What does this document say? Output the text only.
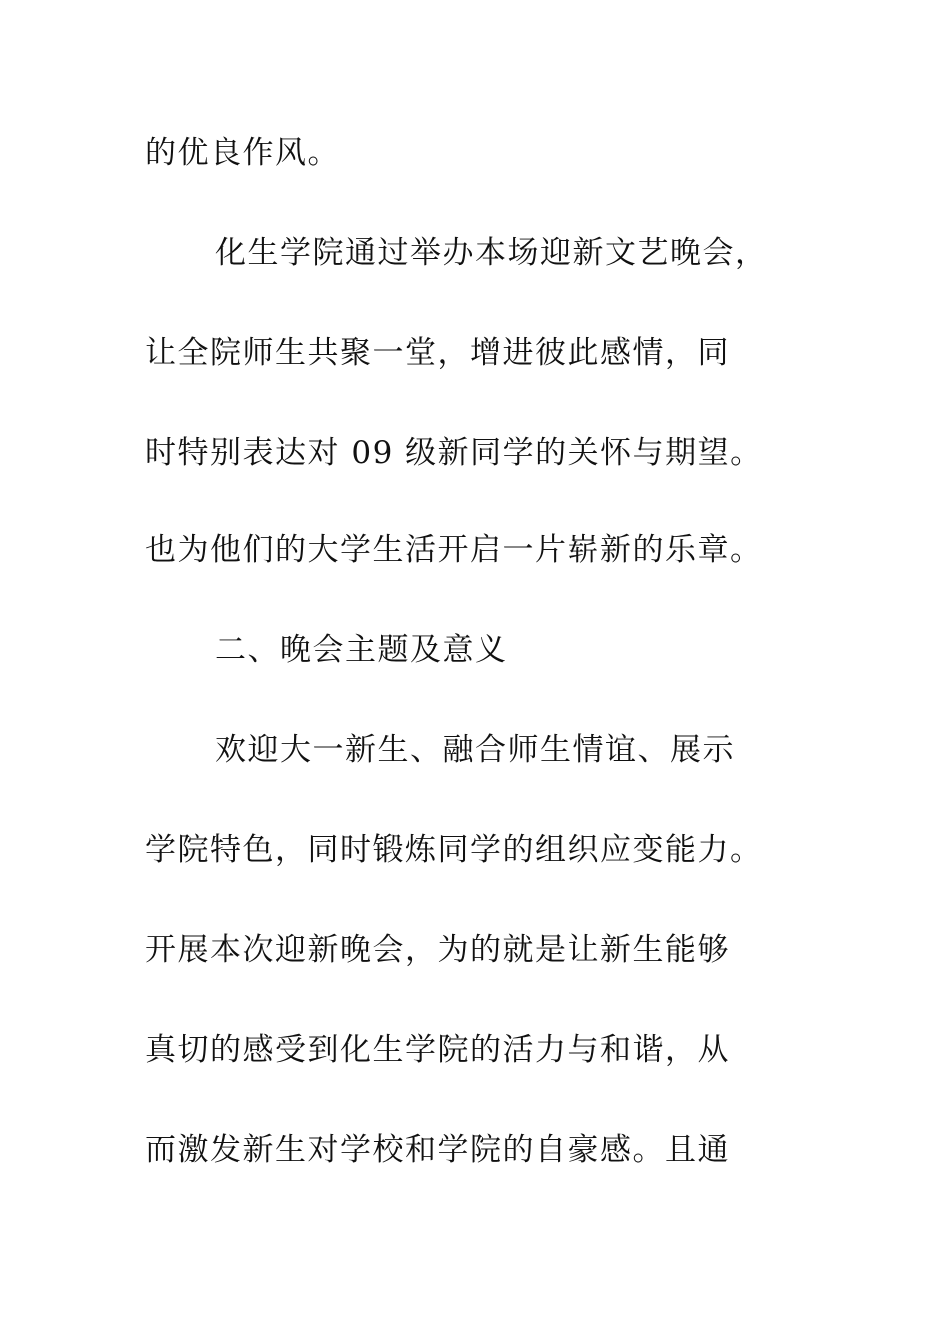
的优良作风。
化生学院通过举办本场迎新文艺晚会，
让全院师生共聚一堂，增进彼此感情，同
时特别表达对 09 级新同学的关怀与期望。
也为他们的大学生活开启一片崭新的乐章。
二、晚会主题及意义
欢迎大一新生、融合师生情谊、展示
学院特色，同时锻炼同学的组织应变能力。
开展本次迎新晚会，为的就是让新生能够
真切的感受到化生学院的活力与和谐，从
而激发新生对学校和学院的自豪感。且通
